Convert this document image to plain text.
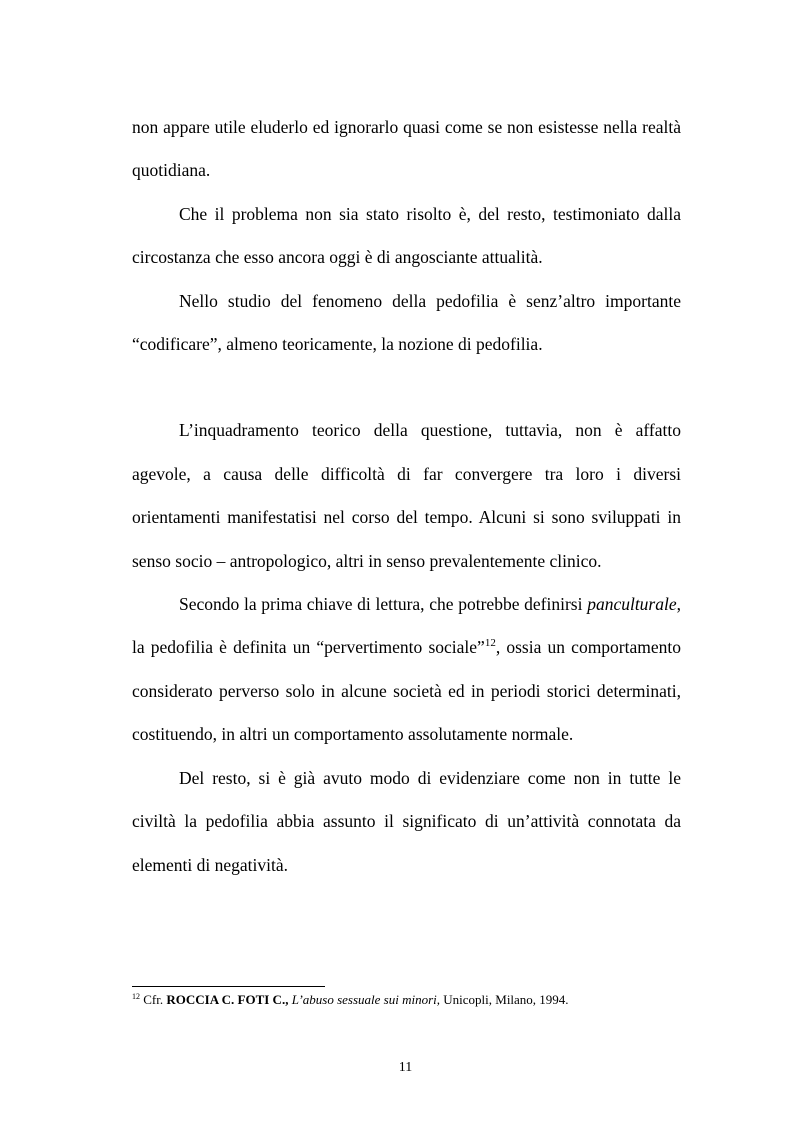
non appare utile eluderlo ed ignorarlo quasi come se non esistesse nella realtà quotidiana.

Che il problema non sia stato risolto è, del resto, testimoniato dalla circostanza che esso ancora oggi è di angosciante attualità.

Nello studio del fenomeno della pedofilia è senz’altro importante “codificare”, almeno teoricamente, la nozione di pedofilia.

L’inquadramento teorico della questione, tuttavia, non è affatto agevole, a causa delle difficoltà di far convergere tra loro i diversi orientamenti manifestatisi nel corso del tempo. Alcuni si sono sviluppati in senso socio – antropologico, altri in senso prevalentemente clinico.

Secondo la prima chiave di lettura, che potrebbe definirsi panculturale, la pedofilia è definita un “pervertimento sociale”$^{12}$, ossia un comportamento considerato perverso solo in alcune società ed in periodi storici determinati, costituendo, in altri un comportamento assolutamente normale.

Del resto, si è già avuto modo di evidenziare come non in tutte le civiltà la pedofilia abbia assunto il significato di un’attività connotata da elementi di negatività.

$^{12}$ Cfr. ROCCIA C. FOTI C., L’abuso sessuale sui minori, Unicopli, Milano, 1994.
11
